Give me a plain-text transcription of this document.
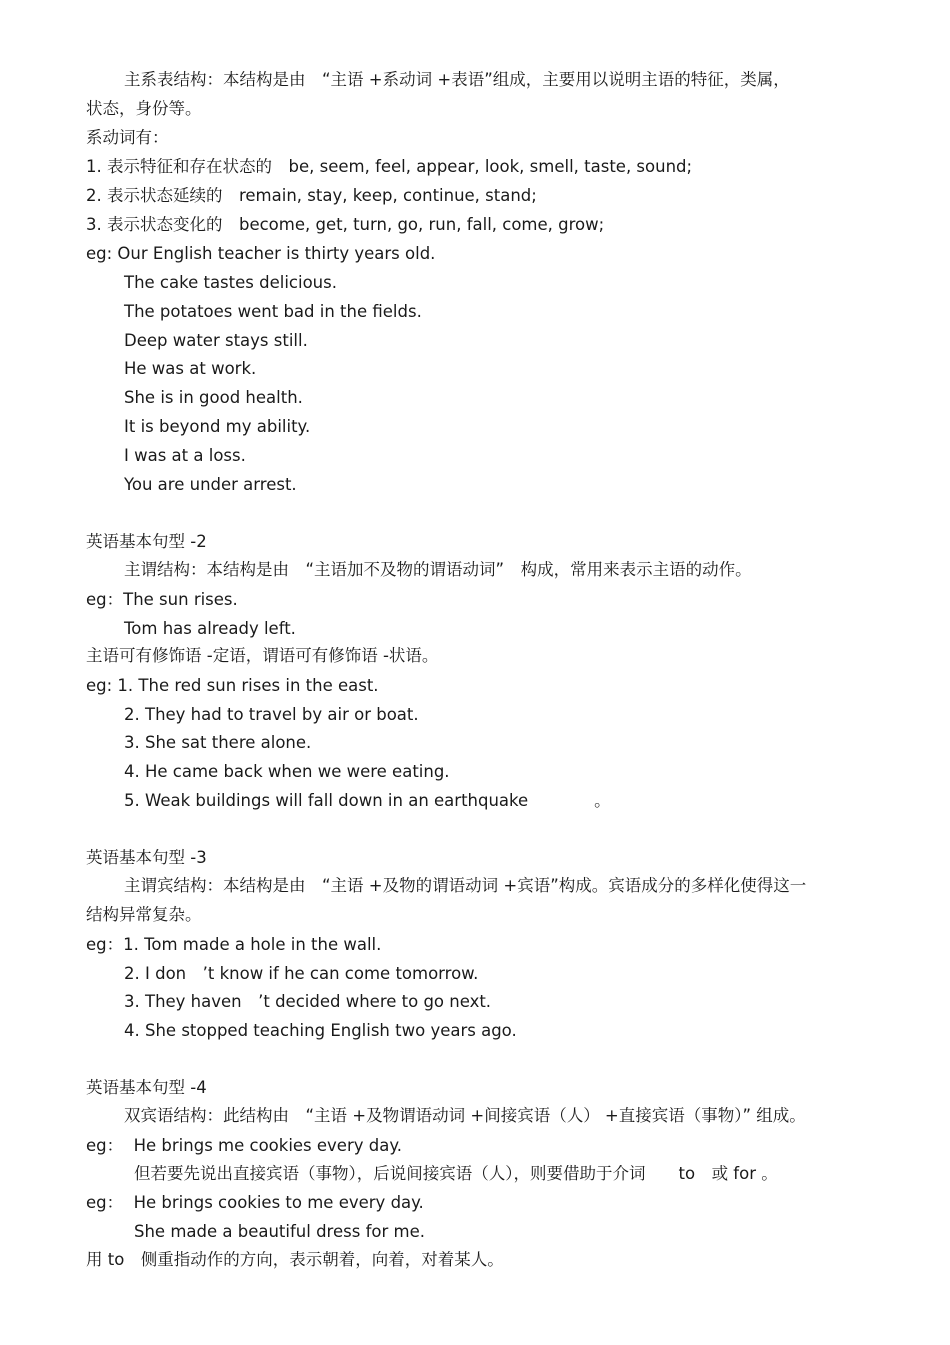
主系表结构：本结构是由　“主语 +系动词 +表语”组成，主要用以说明主语的特征，类属，
状态，身份等。
系动词有：
1. 表示特征和存在状态的　be, seem, feel, appear, look, smell, taste, sound;
2. 表示状态延续的　remain, stay, keep, continue, stand;
3. 表示状态变化的　become, get, turn, go, run, fall, come, grow;
eg: Our English teacher is thirty years old.
The cake tastes delicious.
The potatoes went bad in the fields.
Deep water stays still.
He was at work.
She is in good health.
It is beyond my ability.
I was at a loss.
You are under arrest.
英语基本句型 -2
主谓结构：本结构是由　“主语加不及物的谓语动词”　构成，常用来表示主语的动作。
eg：The sun rises.
Tom has already left.
主语可有修饰语 -定语，谓语可有修饰语 -状语。
eg: 1. The red sun rises in the east.
2. They had to travel by air or boat.
3. She sat there alone.
4. He came back when we were eating.
5. Weak buildings will fall down in an earthquake　　　　。
英语基本句型 -3
主谓宾结构：本结构是由　“主语 +及物的谓语动词 +宾语”构成。宾语成分的多样化使得这一
结构异常复杂。
eg：1. Tom made a hole in the wall.
2. I don　’t know if he can come tomorrow.
3. They haven　’t decided where to go next.
4. She stopped teaching English two years ago.
英语基本句型 -4
双宾语结构：此结构由　“主语 +及物谓语动词 +间接宾语（人） +直接宾语（事物）” 组成。
eg：  He brings me cookies every day.
但若要先说出直接宾语（事物），后说间接宾语（人），则要借助于介词　　to　或 for 。
eg：  He brings cookies to me every day.
She made a beautiful dress for me.
用 to　侧重指动作的方向，表示朝着，向着，对着某人。
